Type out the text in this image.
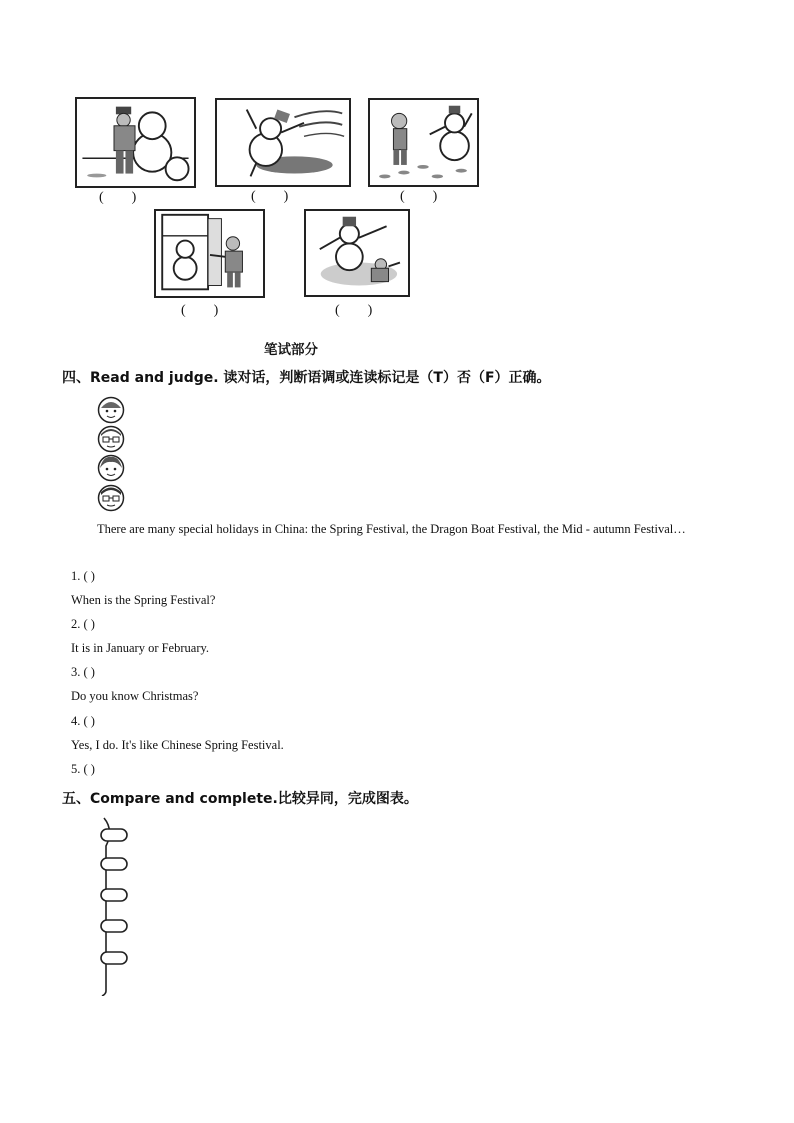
(        )	(        )	(        )
(        )	(        )
笔试部分
四、Read and judge. 读对话，判断语调或连读标记是（T）否（F）正确。
There are many special holidays in China: the Spring Festival, the Dragon Boat Festival, the Mid - autumn Festival…
1. ( )
When is the Spring Festival?
2. ( )
It is in January or February.
3. ( )
Do you know Christmas?
4. ( )
Yes, I do. It's like Chinese Spring Festival.
5. ( )
五、Compare and complete.比较异同，完成图表。
